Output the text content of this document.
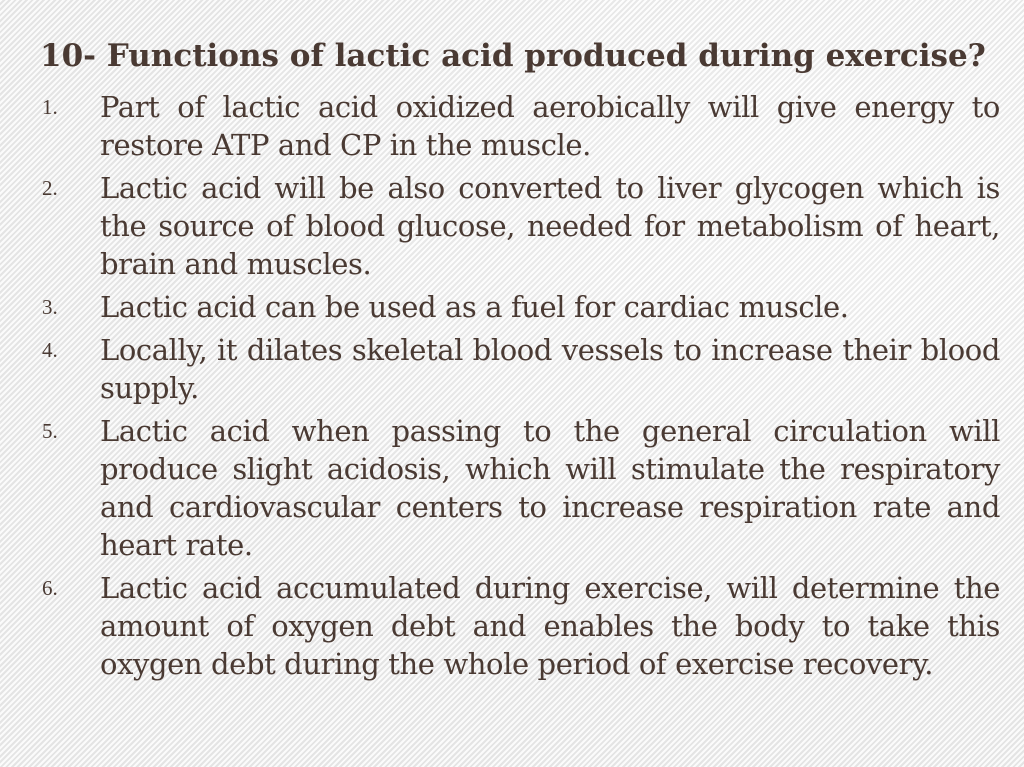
10- Functions of lactic acid produced during exercise?
1. Part of lactic acid oxidized aerobically will give energy to restore ATP and CP in the muscle.
2. Lactic acid will be also converted to liver glycogen which is the source of blood glucose, needed for metabolism of heart, brain and muscles.
3. Lactic acid can be used as a fuel for cardiac muscle.
4. Locally, it dilates skeletal blood vessels to increase their blood supply.
5. Lactic acid when passing to the general circulation will produce slight acidosis, which will stimulate the respiratory and cardiovascular centers to increase respiration rate and heart rate.
6. Lactic acid accumulated during exercise, will determine the amount of oxygen debt and enables the body to take this oxygen debt during the whole period of exercise recovery.
